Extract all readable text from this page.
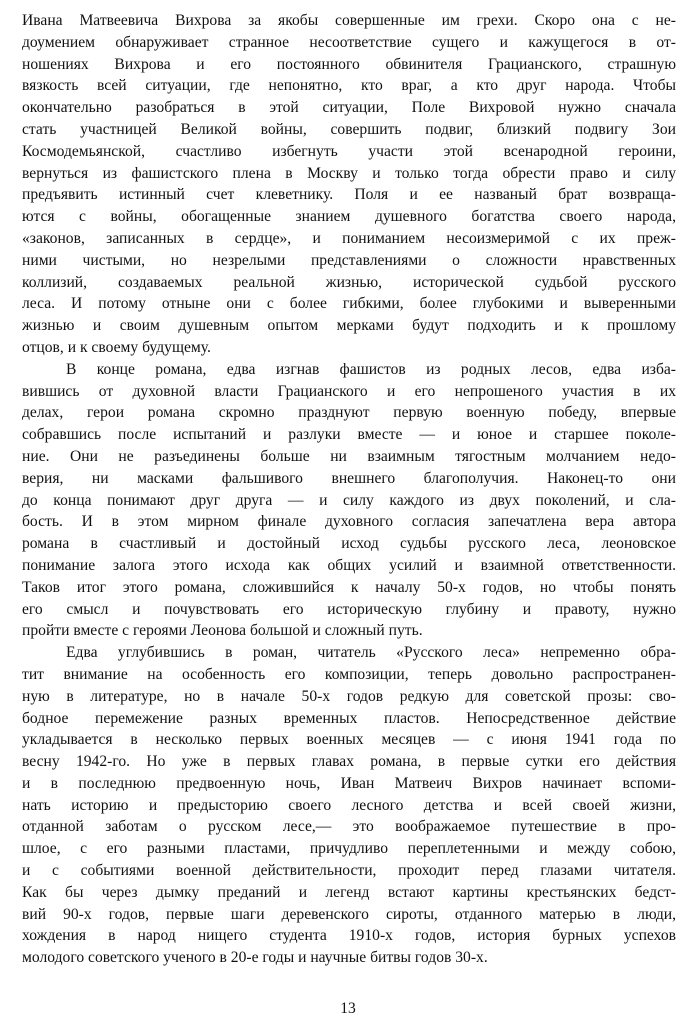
Ивана Матвеевича Вихрова за якобы совершенные им грехи. Скоро она с не-
доумением обнаруживает странное несоответствие сущего и кажущегося в от-
ношениях Вихрова и его постоянного обвинителя Грацианского, страшную
вязкость всей ситуации, где непонятно, кто враг, а кто друг народа. Чтобы
окончательно разобраться в этой ситуации, Поле Вихровой нужно сначала
стать участницей Великой войны, совершить подвиг, близкий подвигу Зои
Космодемьянской, счастливо избегнуть участи этой всенародной героини,
вернуться из фашистского плена в Москву и только тогда обрести право и силу
предъявить истинный счет клеветнику. Поля и ее названый брат возвраща-
ются с войны, обогащенные знанием душевного богатства своего народа,
«законов, записанных в сердце», и пониманием несоизмеримой с их преж-
ними чистыми, но незрелыми представлениями о сложности нравственных
коллизий, создаваемых реальной жизнью, исторической судьбой русского
леса. И потому отныне они с более гибкими, более глубокими и выверенными
жизнью и своим душевным опытом мерками будут подходить и к прошлому
отцов, и к своему будущему.

В конце романа, едва изгнав фашистов из родных лесов, едва изба-
вившись от духовной власти Грацианского и его непрошеного участия в их
делах, герои романа скромно празднуют первую военную победу, впервые
собравшись после испытаний и разлуки вместе — и юное и старшее поколе-
ние. Они не разъединены больше ни взаимным тягостным молчанием недо-
верия, ни масками фальшивого внешнего благополучия. Наконец-то они
до конца понимают друг друга — и силу каждого из двух поколений, и сла-
бость. И в этом мирном финале духовного согласия запечатлена вера автора
романа в счастливый и достойный исход судьбы русского леса, леоновское
понимание залога этого исхода как общих усилий и взаимной ответственности.
Таков итог этого романа, сложившийся к началу 50-х годов, но чтобы понять
его смысл и почувствовать его историческую глубину и правоту, нужно
пройти вместе с героями Леонова большой и сложный путь.

Едва углубившись в роман, читатель «Русского леса» непременно обра-
тит внимание на особенность его композиции, теперь довольно распространен-
ную в литературе, но в начале 50-х годов редкую для советской прозы: сво-
бодное перемежение разных временных пластов. Непосредственное действие
укладывается в несколько первых военных месяцев — с июня 1941 года по
весну 1942-го. Но уже в первых главах романа, в первые сутки его действия
и в последнюю предвоенную ночь, Иван Матвеич Вихров начинает вспоми-
нать историю и предысторию своего лесного детства и всей своей жизни,
отданной заботам о русском лесе,— это воображаемое путешествие в про-
шлое, с его разными пластами, причудливо переплетенными и между собою,
и с событиями военной действительности, проходит перед глазами читателя.
Как бы через дымку преданий и легенд встают картины крестьянских бедст-
вий 90-х годов, первые шаги деревенского сироты, отданного матерью в люди,
хождения в народ нищего студента 1910-х годов, история бурных успехов
молодого советского ученого в 20-е годы и научные битвы годов 30-х.

13
